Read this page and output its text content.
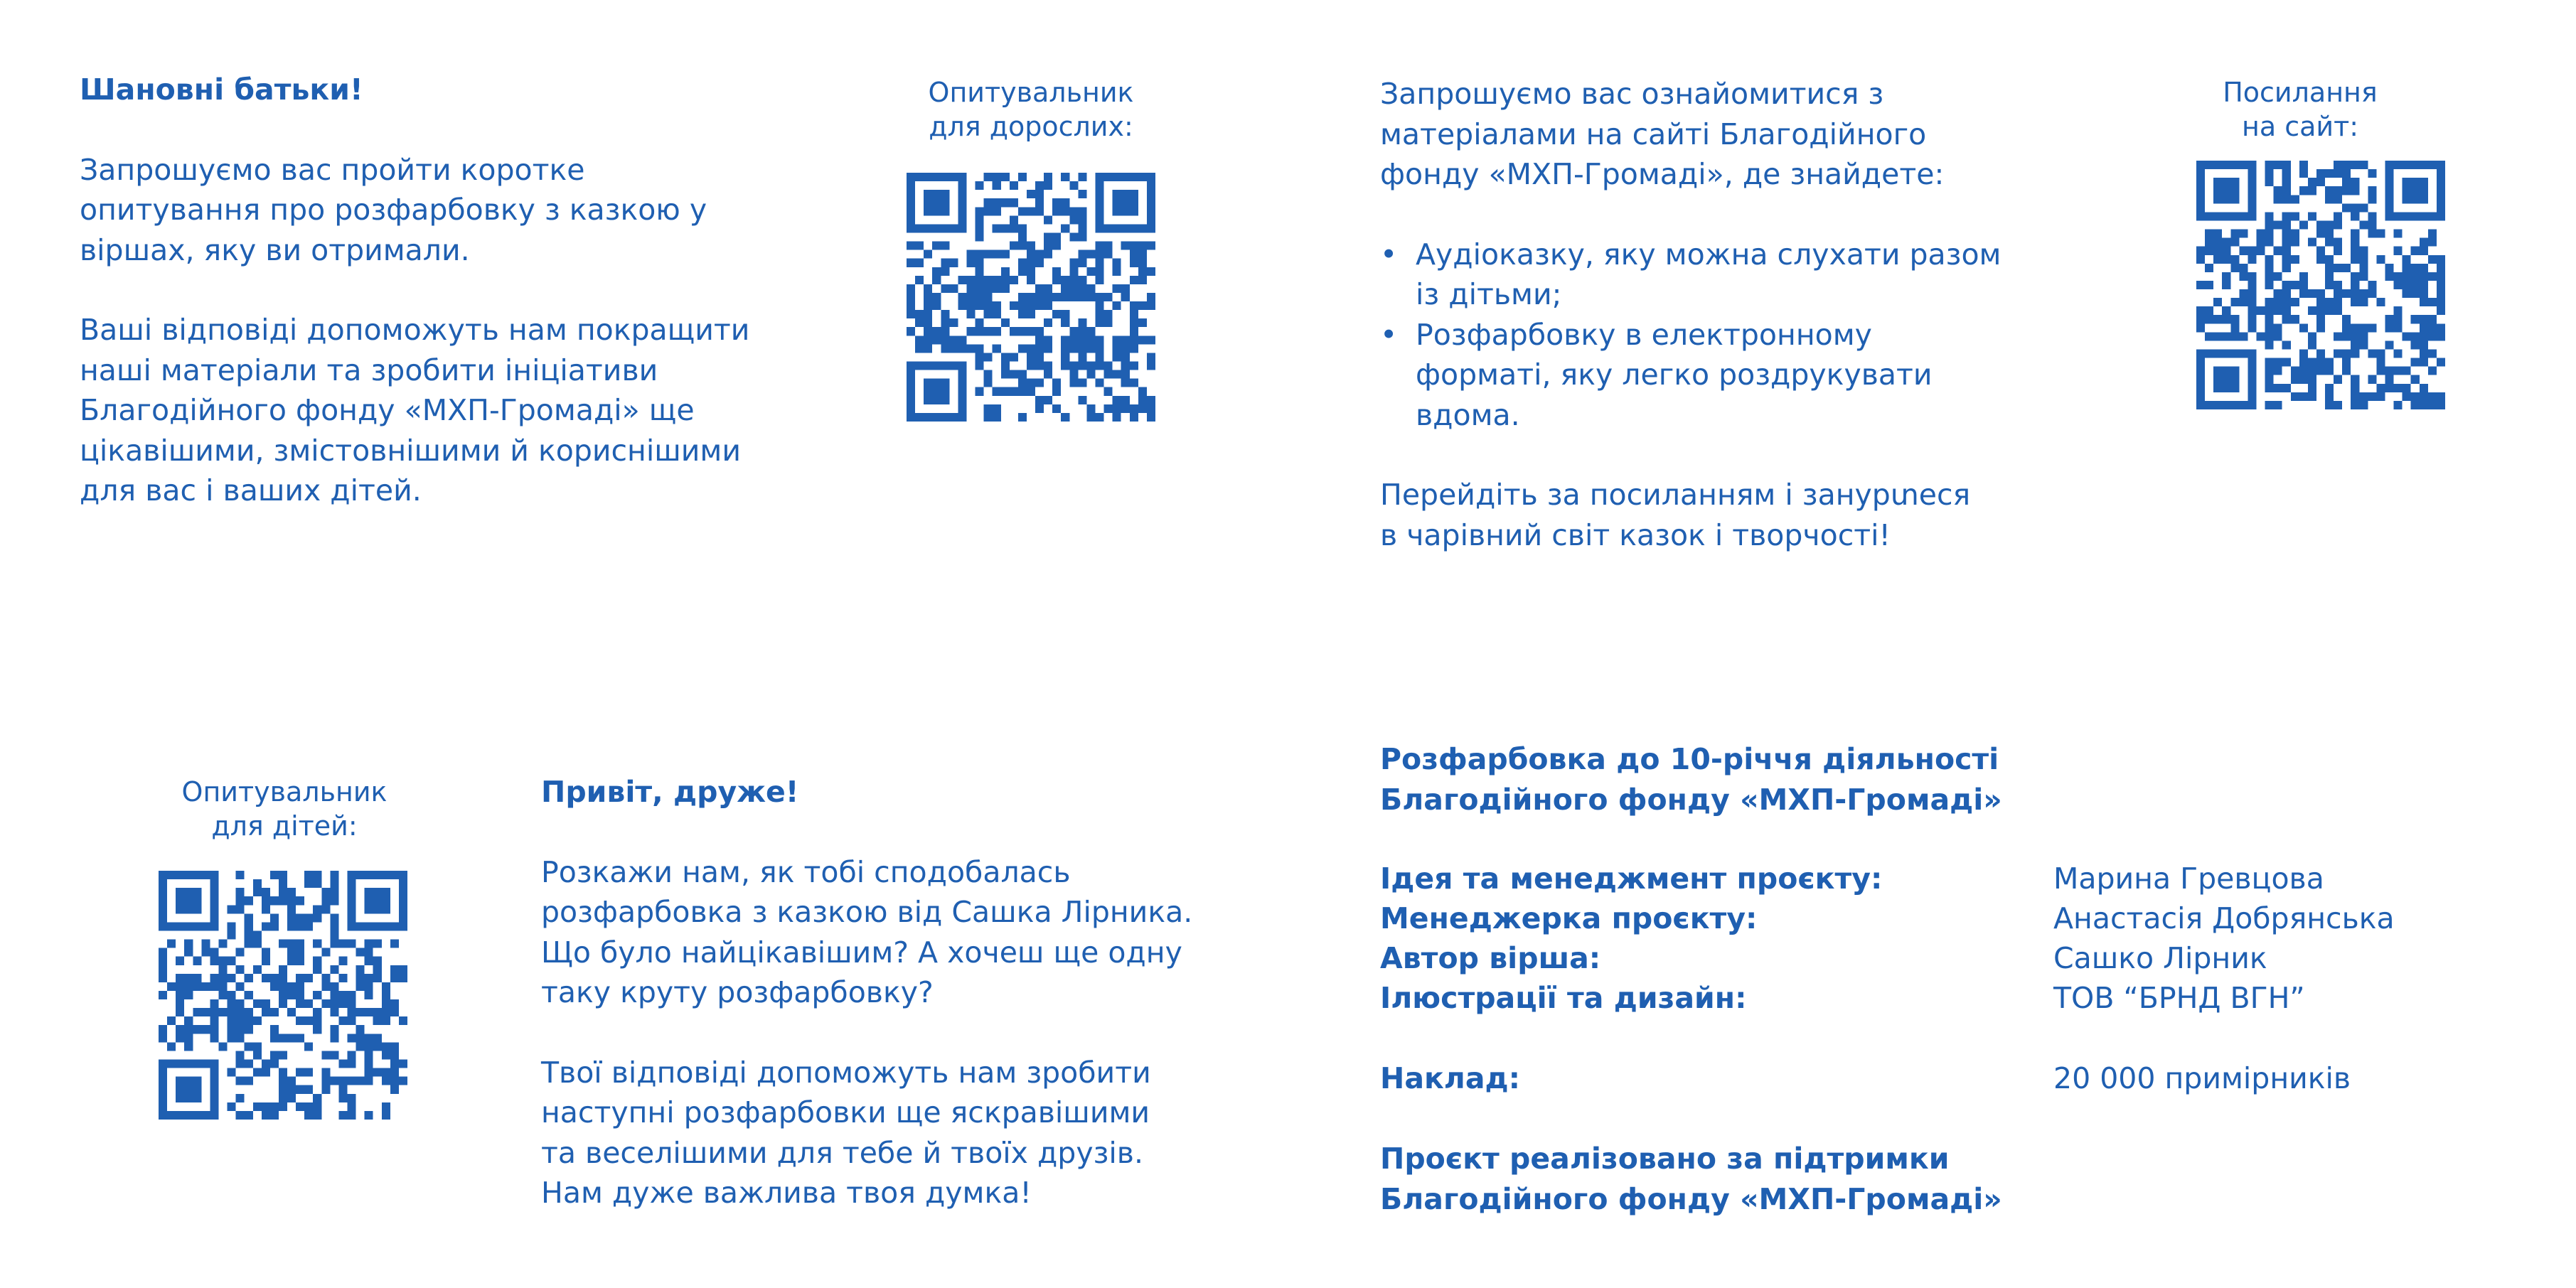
Шановні батьки!

Запрошуємо вас пройти коротке

опитування про розфарбовку з казкою у

віршах, яку ви отримали.

Ваші відповіді допоможуть нам покращити

наші матеріали та зробити ініціативи

Благодійного фонду «МХП-Громаді» ще

цікавішими, змістовнішими й кориснішими

для вас і ваших дітей.

Опитувальник
для дорослих:

Запрошуємо вас ознайомитися з

матеріалами на сайті Благодійного

фонду «МХП-Громаді», де знайдете:

• Аудіоказку, яку можна слухати разом
із дітьми;
• Розфарбовку в електронному
форматі, яку легко роздрукувати
вдома.

Перейдіть за посиланням і занурտеся

в чарівний світ казок і творчості!

Посилання
на сайт:
Опитувальник
для дітей:

Привіт, друже!

Розкажи нам, як тобі сподобалась

розфарбовка з казкою від Сашка Лірника.

Що було найцікавішим? А хочеш ще одну

таку круту розфарбовку?

Твої відповіді допоможуть нам зробити

наступні розфарбовки ще яскравішими

та веселішими для тебе й твоїх друзів.

Нам дуже важлива твоя думка!

Розфарбовка до 10-річчя діяльності

Благодійного фонду «МХП-Громаді»

Ідея та менеджмент проєкту:	Марина Гревцова
Менеджерка проєкту:	Анастасія Добрянська
Автор вірша:	Сашко Лірник
Ілюстрації та дизайн:	ТОВ “БРНД ВГН”
Наклад:	20 000 примірників

Проєкт реалізовано за підтримки

Благодійного фонду «МХП-Громаді»
